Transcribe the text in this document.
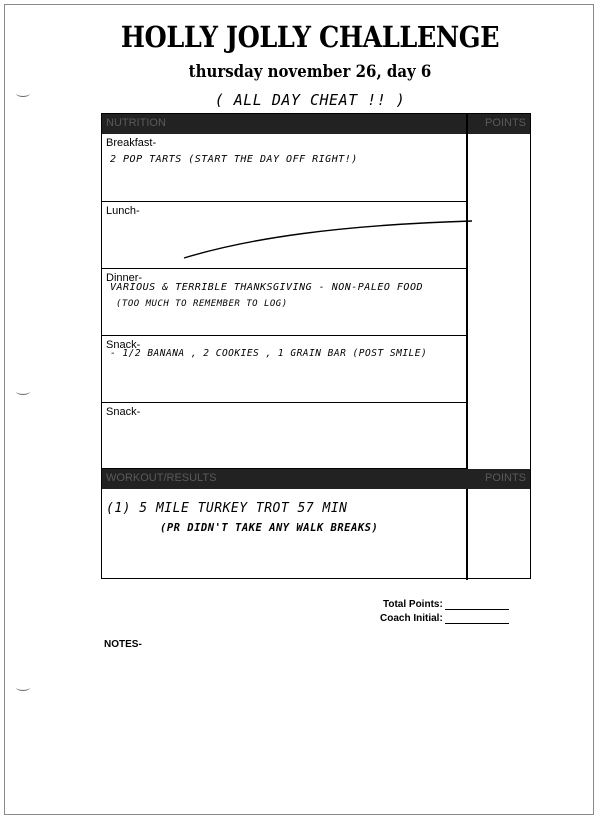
HOLLY JOLLY CHALLENGE
thursday november 26, day 6
( ALL DAY CHEAT !! )
NUTRITION	POINTS
Breakfast-
2 POP TARTS (START THE DAY OFF RIGHT!)
Lunch-
Dinner-
VARIOUS & TERRIBLE THANKSGIVING - NON-PALEO FOOD
(TOO MUCH TO REMEMBER TO LOG)
Snack-
- 1/2 BANANA , 2 COOKIES , 1 GRAIN BAR (POST SMILE)
Snack-
WORKOUT/RESULTS	POINTS
(1) 5 MILE TURKEY TROT 57 MIN
(PR DIDN'T TAKE ANY WALK BREAKS)
Total Points:
Coach Initial:
NOTES-
